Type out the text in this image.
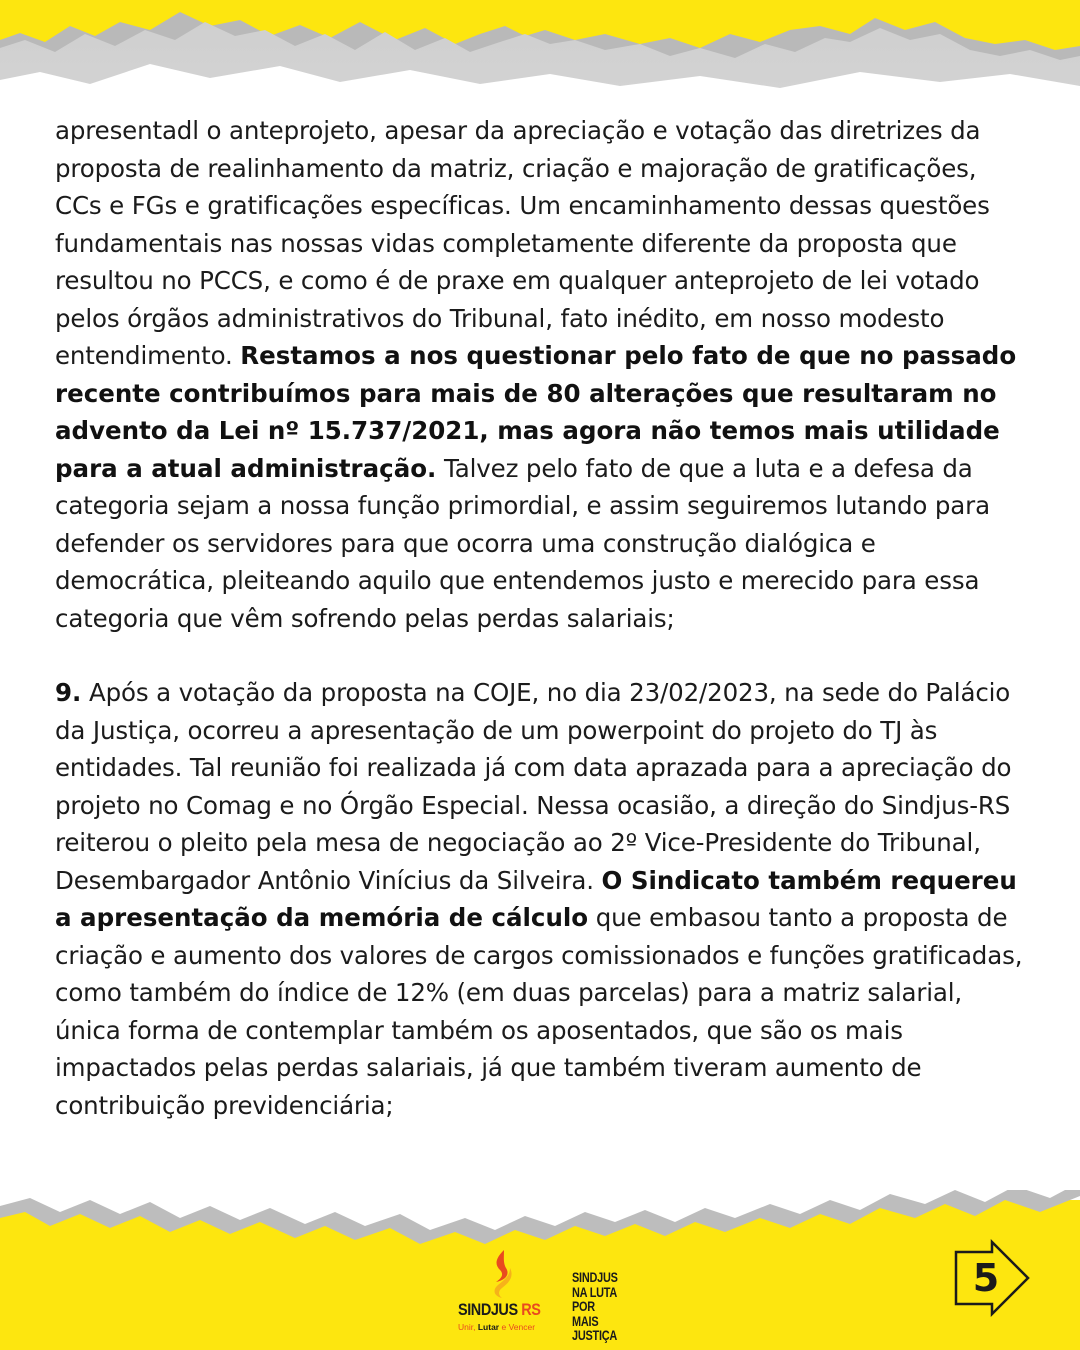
apresentadl o anteprojeto, apesar da apreciação e votação das diretrizes da proposta de realinhamento da matriz, criação e majoração de gratificações, CCs e FGs e gratificações específicas. Um encaminhamento dessas questões fundamentais nas nossas vidas completamente diferente da proposta que resultou no PCCS, e como é de praxe em qualquer anteprojeto de lei votado pelos órgãos administrativos do Tribunal, fato inédito, em nosso modesto entendimento. Restamos a nos questionar pelo fato de que no passado recente contribuímos para mais de 80 alterações que resultaram no advento da Lei nº 15.737/2021, mas agora não temos mais utilidade para a atual administração. Talvez pelo fato de que a luta e a defesa da categoria sejam a nossa função primordial, e assim seguiremos lutando para defender os servidores para que ocorra uma construção dialógica e democrática, pleiteando aquilo que entendemos justo e merecido para essa categoria que vêm sofrendo pelas perdas salariais;

9. Após a votação da proposta na COJE, no dia 23/02/2023, na sede do Palácio da Justiça, ocorreu a apresentação de um powerpoint do projeto do TJ às entidades. Tal reunião foi realizada já com data aprazada para a apreciação do projeto no Comag e no Órgão Especial. Nessa ocasião, a direção do Sindjus-RS reiterou o pleito pela mesa de negociação ao 2º Vice-Presidente do Tribunal, Desembargador Antônio Vinícius da Silveira. O Sindicato também requereu a apresentação da memória de cálculo que embasou tanto a proposta de criação e aumento dos valores de cargos comissionados e funções gratificadas, como também do índice de 12% (em duas parcelas) para a matriz salarial, única forma de contemplar também os aposentados, que são os mais impactados pelas perdas salariais, já que também tiveram aumento de contribuição previdenciária;

SINDJUS RS
Unir, Lutar e Vencer
SINDJUS
NA LUTA
POR MAIS
JUSTIÇA
5
